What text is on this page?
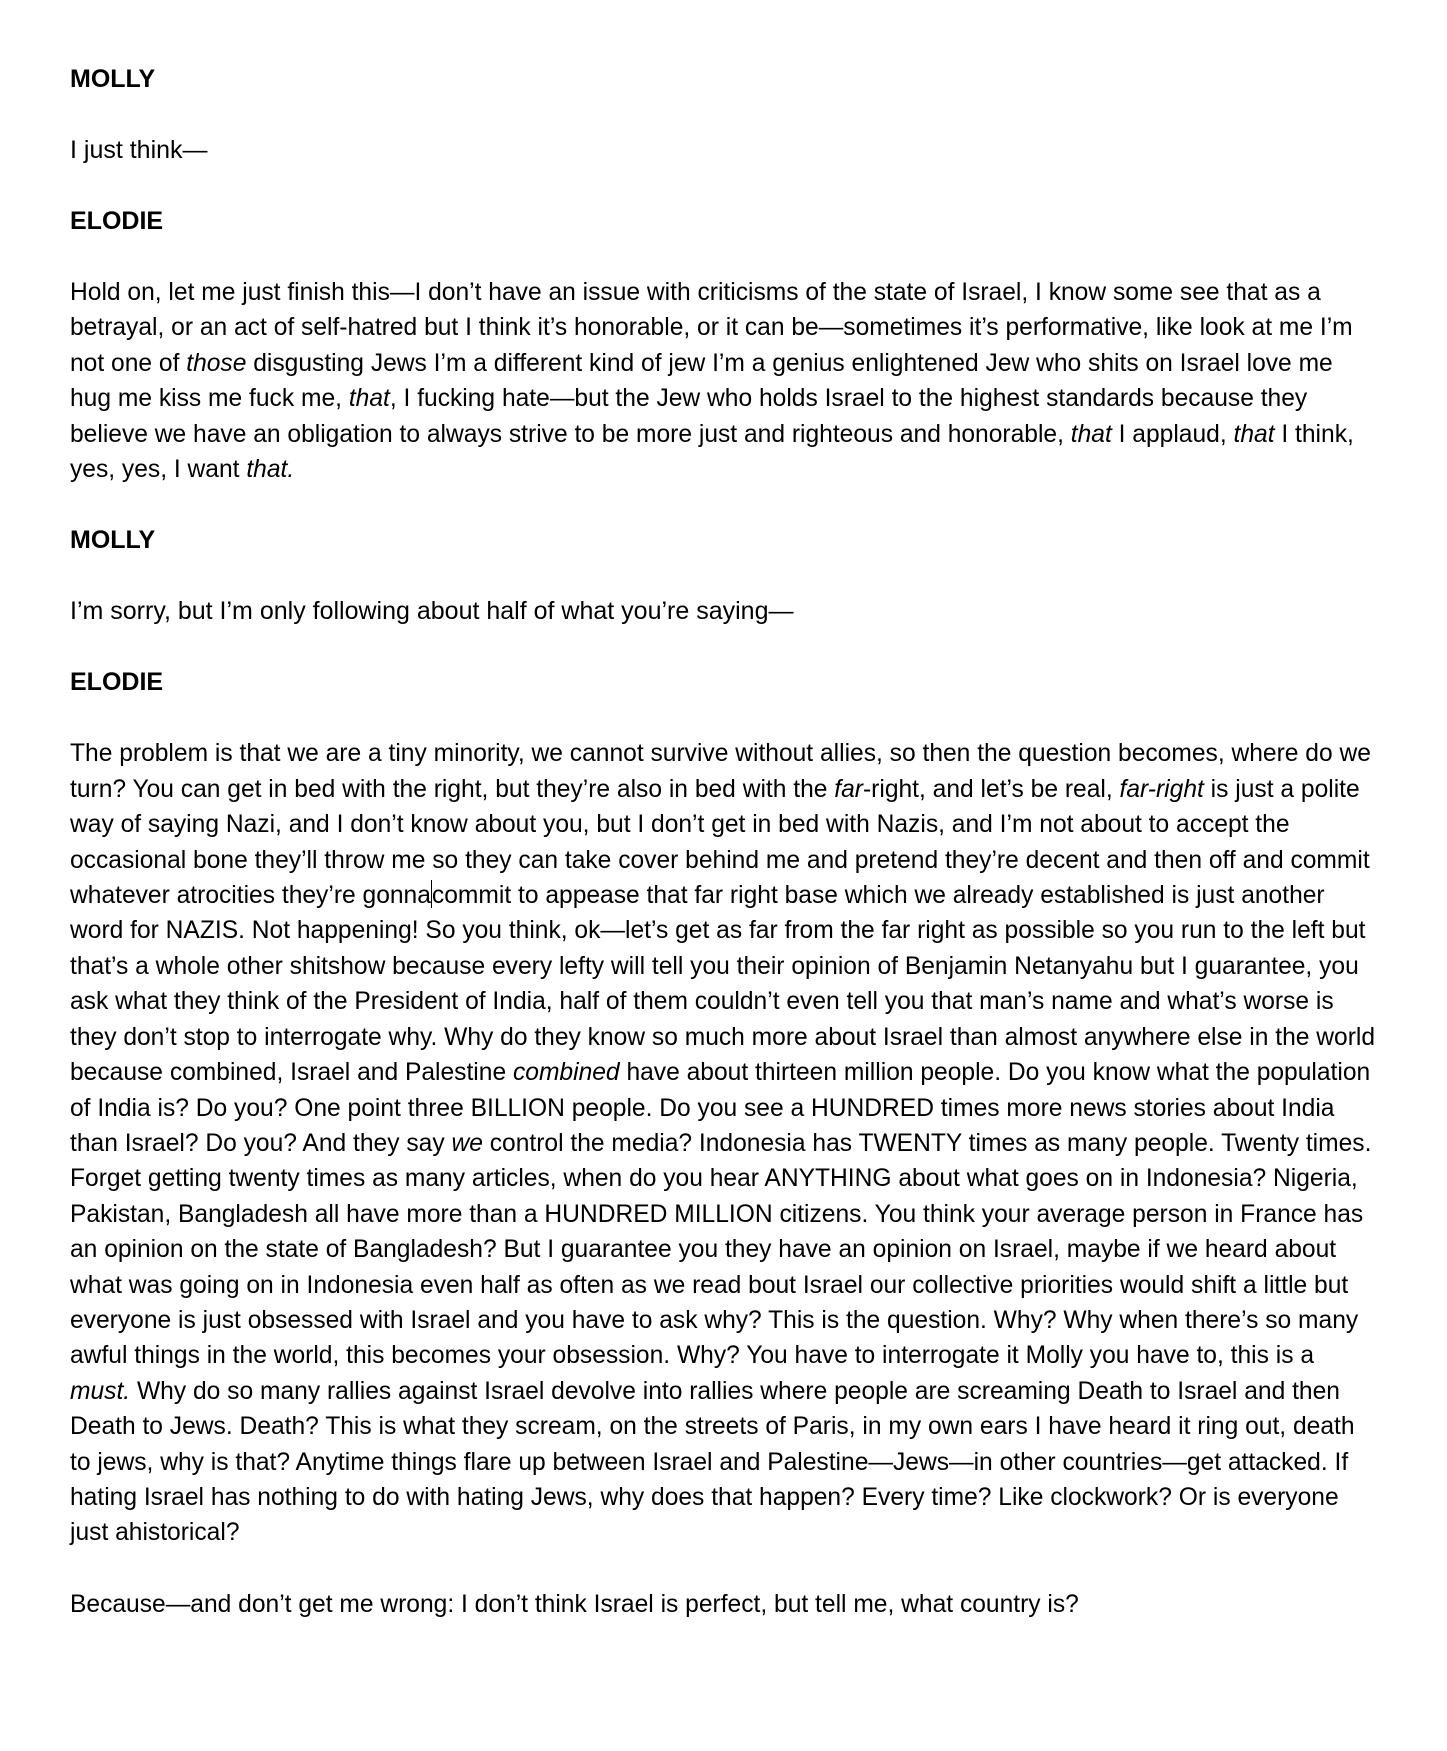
MOLLY
I just think—
ELODIE
Hold on, let me just finish this—I don’t have an issue with criticisms of the state of Israel, I know some see that as a betrayal, or an act of self-hatred but I think it’s honorable, or it can be—sometimes it’s performative, like look at me I’m not one of those disgusting Jews I’m a different kind of jew I’m a genius enlightened Jew who shits on Israel love me hug me kiss me fuck me, that, I fucking hate—but the Jew who holds Israel to the highest standards because they believe we have an obligation to always strive to be more just and righteous and honorable, that I applaud, that I think, yes, yes, I want that.
MOLLY
I’m sorry, but I’m only following about half of what you’re saying—
ELODIE
The problem is that we are a tiny minority, we cannot survive without allies, so then the question becomes, where do we turn? You can get in bed with the right, but they’re also in bed with the far-right, and let’s be real, far-right is just a polite way of saying Nazi, and I don’t know about you, but I don’t get in bed with Nazis, and I’m not about to accept the occasional bone they’ll throw me so they can take cover behind me and pretend they’re decent and then off and commit whatever atrocities they’re gonnacommit to appease that far right base which we already established is just another word for NAZIS. Not happening! So you think, ok—let’s get as far from the far right as possible so you run to the left but that’s a whole other shitshow because every lefty will tell you their opinion of Benjamin Netanyahu but I guarantee, you ask what they think of the President of India, half of them couldn’t even tell you that man’s name and what’s worse is they don’t stop to interrogate why. Why do they know so much more about Israel than almost anywhere else in the world because combined, Israel and Palestine combined have about thirteen million people. Do you know what the population of India is? Do you? One point three BILLION people. Do you see a HUNDRED times more news stories about India than Israel? Do you? And they say we control the media? Indonesia has TWENTY times as many people. Twenty times. Forget getting twenty times as many articles, when do you hear ANYTHING about what goes on in Indonesia? Nigeria, Pakistan, Bangladesh all have more than a HUNDRED MILLION citizens. You think your average person in France has an opinion on the state of Bangladesh? But I guarantee you they have an opinion on Israel, maybe if we heard about what was going on in Indonesia even half as often as we read bout Israel our collective priorities would shift a little but everyone is just obsessed with Israel and you have to ask why? This is the question. Why? Why when there’s so many awful things in the world, this becomes your obsession. Why? You have to interrogate it Molly you have to, this is a must. Why do so many rallies against Israel devolve into rallies where people are screaming Death to Israel and then Death to Jews. Death? This is what they scream, on the streets of Paris, in my own ears I have heard it ring out, death to jews, why is that? Anytime things flare up between Israel and Palestine—Jews—in other countries—get attacked. If hating Israel has nothing to do with hating Jews, why does that happen? Every time? Like clockwork? Or is everyone just ahistorical?
Because—and don’t get me wrong: I don’t think Israel is perfect, but tell me, what country is?
